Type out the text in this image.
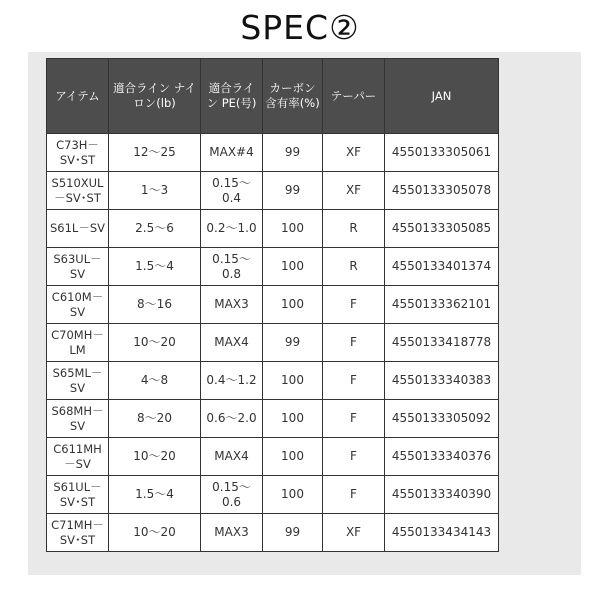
SPEC②
アイテム	適合ライン ナイロン(lb)	適合ライン PE(号)	カーボン含有率(%)	テーパー	JAN
C73H－SV･ST	12～25	MAX#4	99	XF	4550133305061
S510XUL－SV･ST	1～3	0.15～0.4	99	XF	4550133305078
S61L－SV	2.5～6	0.2～1.0	100	R	4550133305085
S63UL－SV	1.5～4	0.15～0.8	100	R	4550133401374
C610M－SV	8～16	MAX3	100	F	4550133362101
C70MH－LM	10～20	MAX4	99	F	4550133418778
S65ML－SV	4～8	0.4～1.2	100	F	4550133340383
S68MH－SV	8～20	0.6～2.0	100	F	4550133305092
C611MH－SV	10～20	MAX4	100	F	4550133340376
S61UL－SV･ST	1.5～4	0.15～0.6	100	F	4550133340390
C71MH－SV･ST	10～20	MAX3	99	XF	4550133434143
